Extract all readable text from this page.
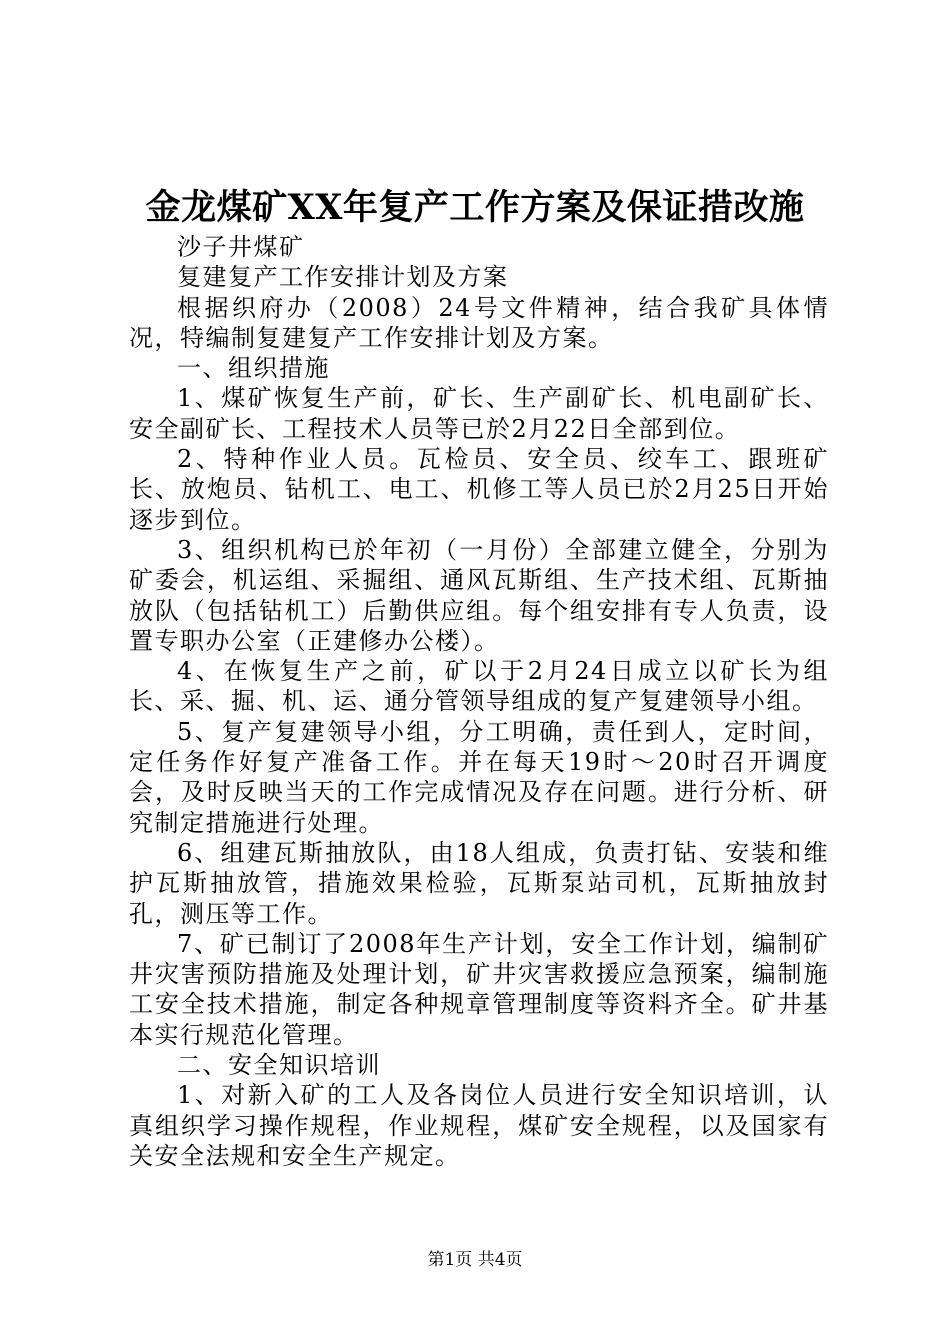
金龙煤矿XX年复产工作方案及保证措改施

沙子井煤矿

复建复产工作安排计划及方案

根据织府办（2008）24号文件精神，结合我矿具体情况，特编制复建复产工作安排计划及方案。

一、组织措施

1、煤矿恢复生产前，矿长、生产副矿长、机电副矿长、安全副矿长、工程技术人员等已於2月22日全部到位。

2、特种作业人员。瓦检员、安全员、绞车工、跟班矿长、放炮员、钻机工、电工、机修工等人员已於2月25日开始逐步到位。

3、组织机构已於年初（一月份）全部建立健全，分别为矿委会，机运组、采掘组、通风瓦斯组、生产技术组、瓦斯抽放队（包括钻机工）后勤供应组。每个组安排有专人负责，设置专职办公室（正建修办公楼）。

4、在恢复生产之前，矿以于2月24日成立以矿长为组长、采、掘、机、运、通分管领导组成的复产复建领导小组。

5、复产复建领导小组，分工明确，责任到人，定时间，定任务作好复产准备工作。并在每天19时～20时召开调度会，及时反映当天的工作完成情况及存在问题。进行分析、研究制定措施进行处理。

6、组建瓦斯抽放队，由18人组成，负责打钻、安装和维护瓦斯抽放管，措施效果检验，瓦斯泵站司机，瓦斯抽放封孔，测压等工作。

7、矿已制订了2008年生产计划，安全工作计划，编制矿井灾害预防措施及处理计划，矿井灾害救援应急预案，编制施工安全技术措施，制定各种规章管理制度等资料齐全。矿井基本实行规范化管理。

二、安全知识培训

1、对新入矿的工人及各岗位人员进行安全知识培训，认真组织学习操作规程，作业规程，煤矿安全规程，以及国家有关安全法规和安全生产规定。

第1页 共4页
